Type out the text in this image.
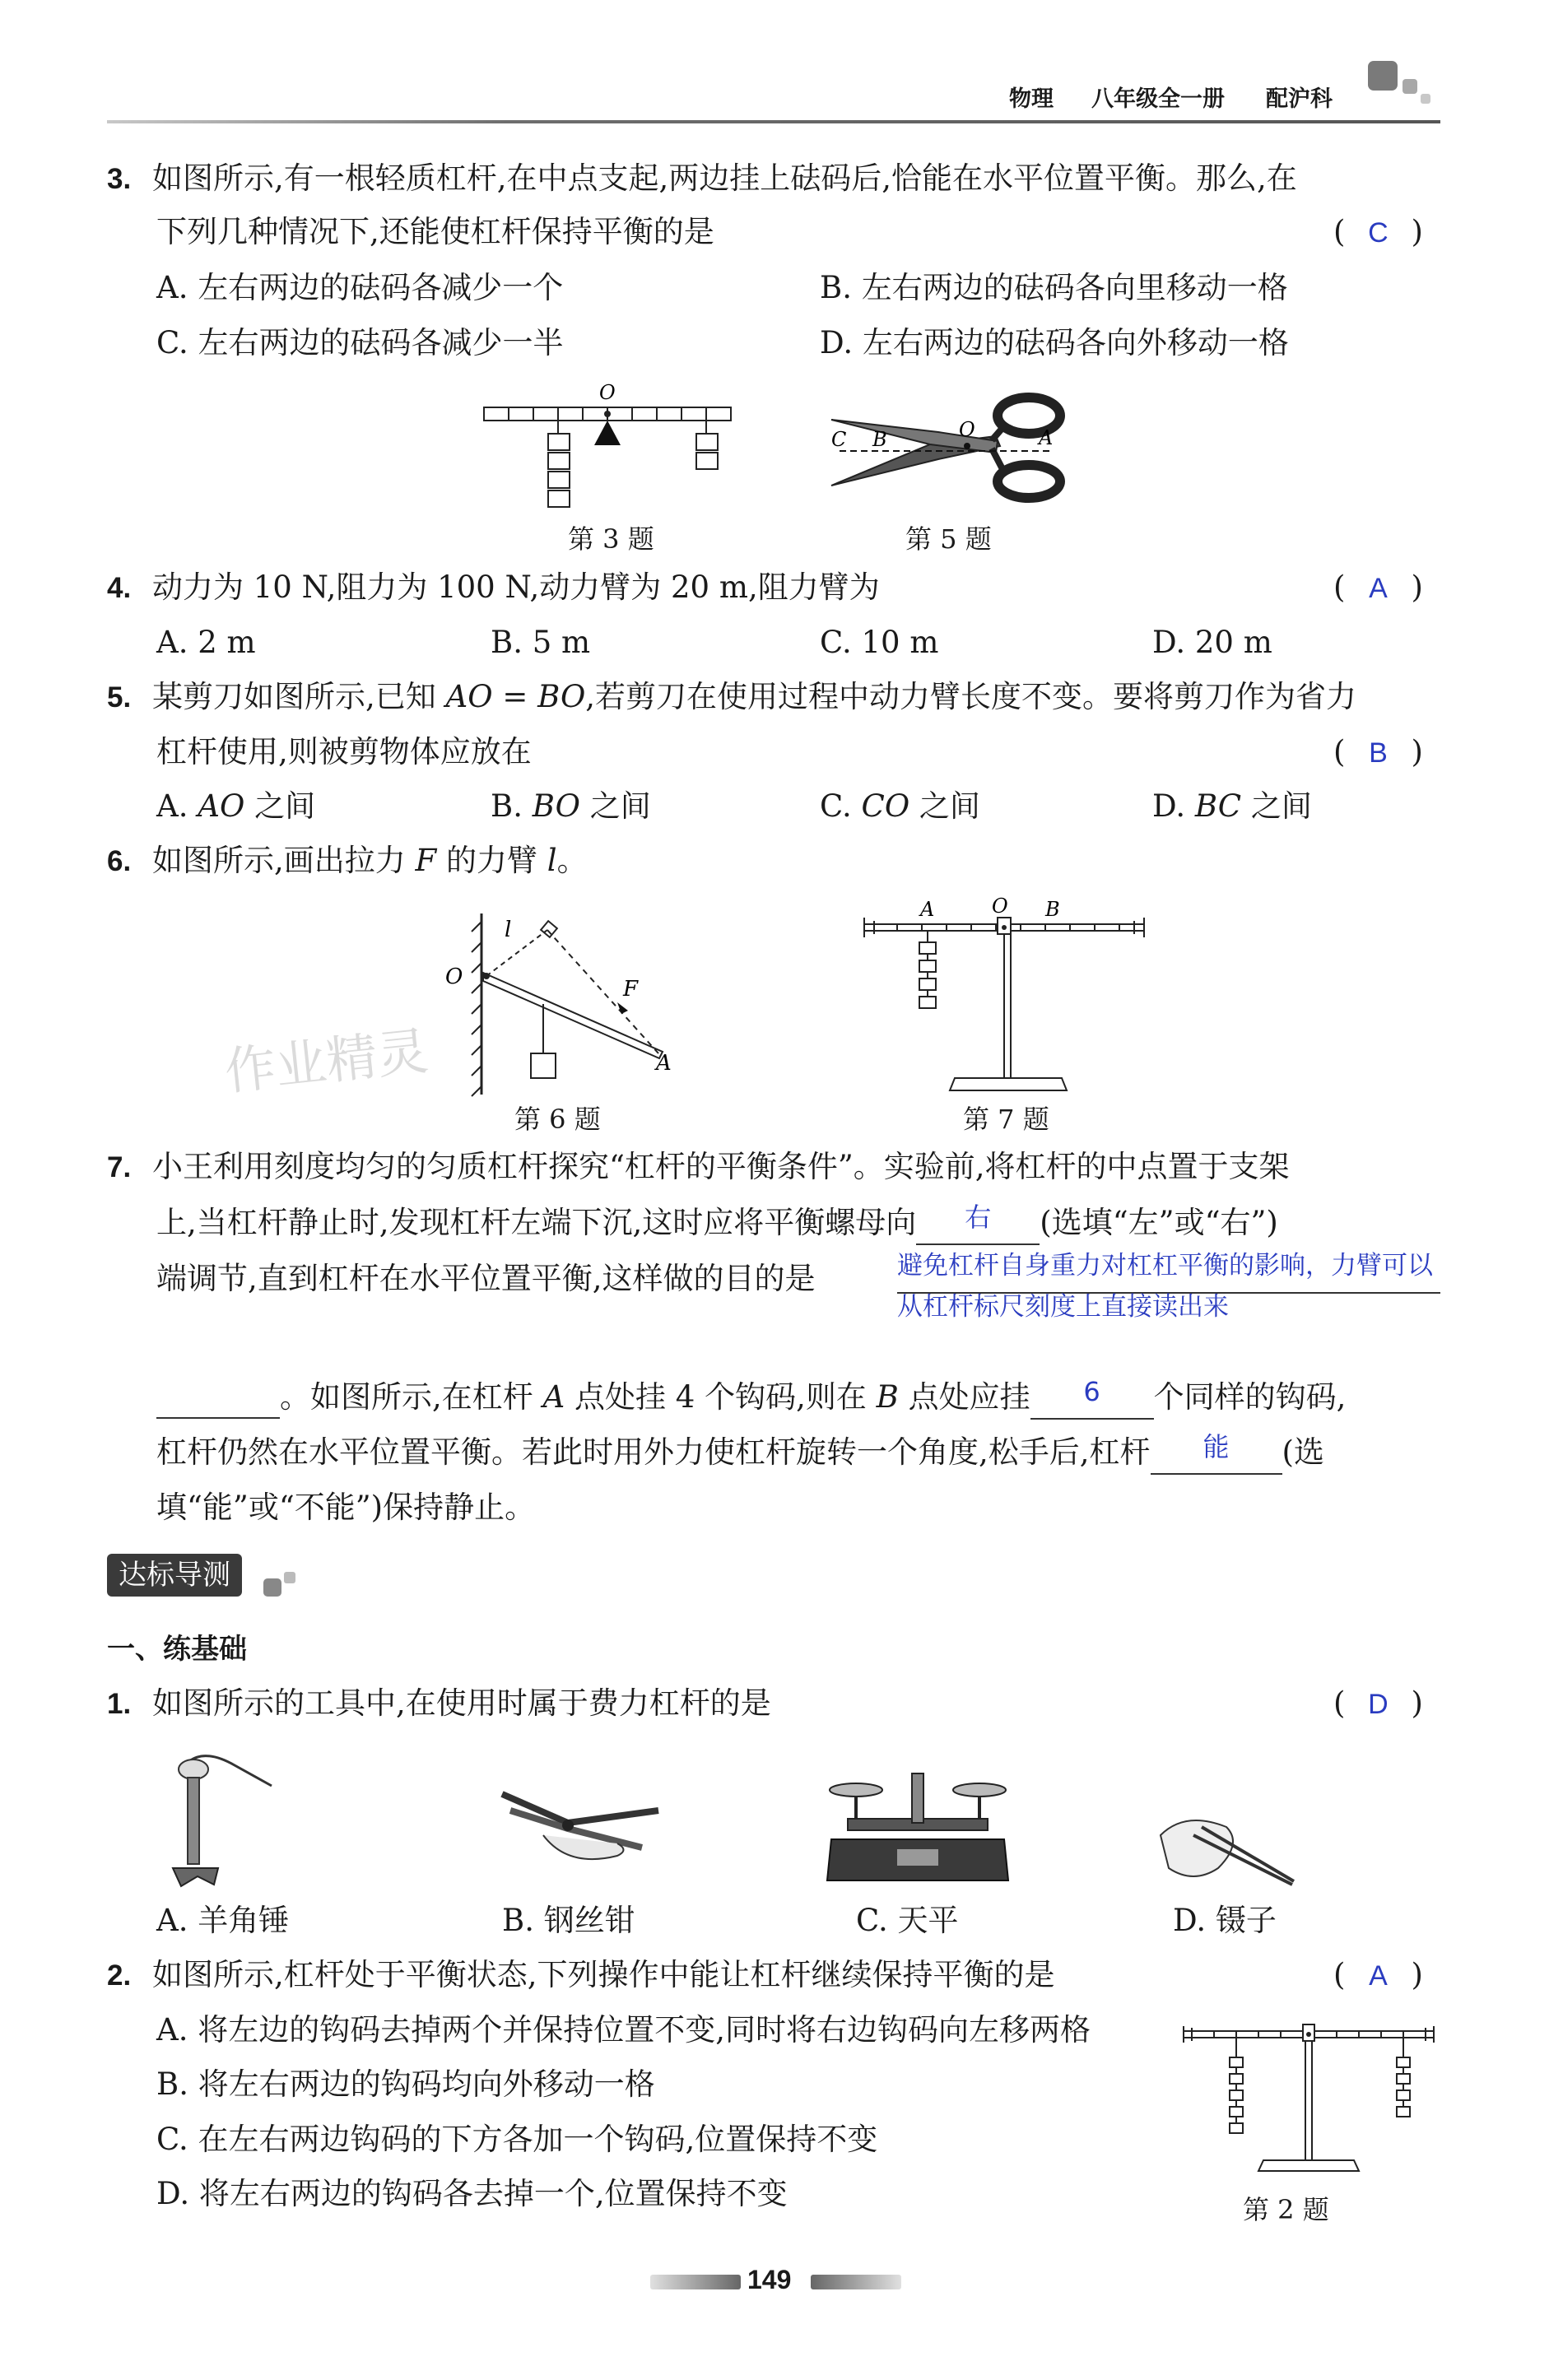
物理 八年级全一册 配沪科
3. 如图所示,有一根轻质杠杆,在中点支起,两边挂上砝码后,恰能在水平位置平衡。那么,在
下列几种情况下,还能使杠杆保持平衡的是	( C )
A. 左右两边的砝码各减少一个	B. 左右两边的砝码各向里移动一格
C. 左右两边的砝码各减少一半	D. 左右两边的砝码各向外移动一格
O
第 3 题
C B	O	A
第 5 题
4. 动力为 10 N,阻力为 100 N,动力臂为 20 m,阻力臂为	( A )
A. 2 m	B. 5 m	C. 10 m	D. 20 m
5. 某剪刀如图所示,已知 AO = BO,若剪刀在使用过程中动力臂长度不变。要将剪刀作为省力
杠杆使用,则被剪物体应放在	( B )
A. AO 之间	B. BO 之间	C. CO 之间	D. BC 之间
6. 如图所示,画出拉力 F 的力臂 l。
l
O	F
A
作业精灵
第 6 题
A	O B
第 7 题
7. 小王利用刻度均匀的匀质杠杆探究“杠杆的平衡条件”。实验前,将杠杆的中点置于支架
上,当杠杆静止时,发现杠杆左端下沉,这时应将平衡螺母向 右 (选填“左”或“右”)
端调节,直到杠杆在水平位置平衡,这样做的目的是	避免杠杆自身重力对杠杠平衡的影响，力臂可以
从杠杆标尺刻度上直接读出来
。如图所示,在杠杆 A 点处挂 4 个钩码,则在 B 点处应挂 6 个同样的钩码,
杠杆仍然在水平位置平衡。若此时用外力使杠杆旋转一个角度,松手后,杠杆 能 (选
填“能”或“不能”)保持静止。
达标导测
一、练基础
1. 如图所示的工具中,在使用时属于费力杠杆的是	( D )
A. 羊角锤	B. 钢丝钳	C. 天平	D. 镊子
2. 如图所示,杠杆处于平衡状态,下列操作中能让杠杆继续保持平衡的是	( A )
A. 将左边的钩码去掉两个并保持位置不变,同时将右边钩码向左移两格
B. 将左右两边的钩码均向外移动一格
C. 在左右两边钩码的下方各加一个钩码,位置保持不变
D. 将左右两边的钩码各去掉一个,位置保持不变	第 2 题
149
